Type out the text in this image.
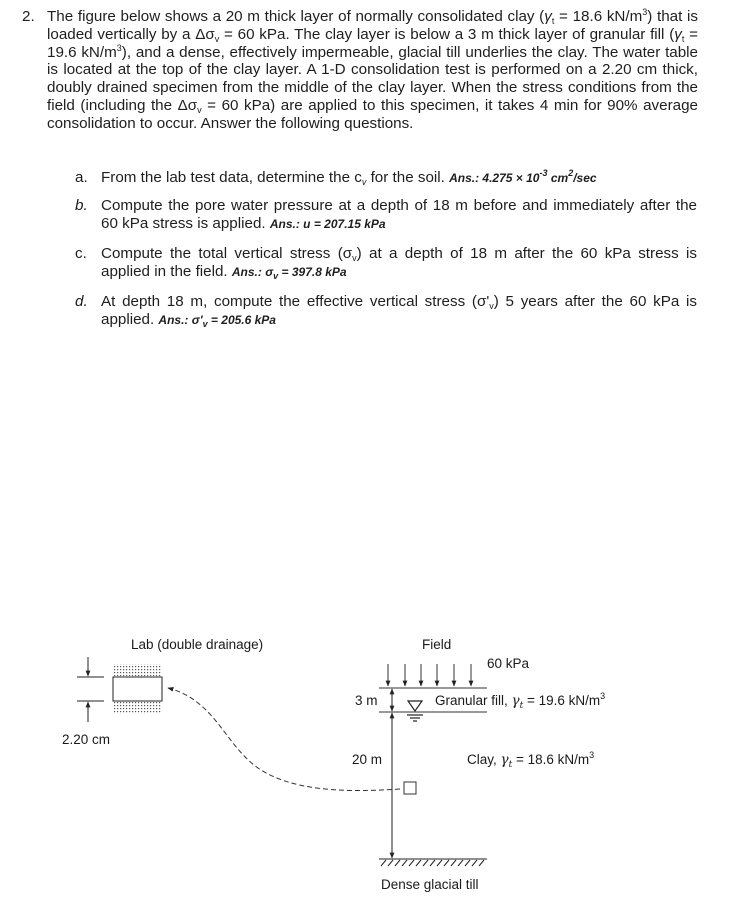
2. The figure below shows a 20 m thick layer of normally consolidated clay ($\gamma_t = 18.6$ $kN/m^3$) that is loaded vertically by a $\Delta\sigma_v = 60$ kPa. The clay layer is below a 3 m thick layer of granular fill ($\gamma_t = 19.6$ $kN/m^3$), and a dense, effectively impermeable, glacial till underlies the clay. The water table is located at the top of the clay layer. A 1-D consolidation test is performed on a 2.20 cm thick, doubly drained specimen from the middle of the clay layer. When the stress conditions from the field (including the $\Delta\sigma_v = 60$ kPa) are applied to this specimen, it takes 4 min for 90% average consolidation to occur. Answer the following questions.
a. From the lab test data, determine the $c_v$ for the soil. Ans.: $4.275 \times 10^{-3}$ $cm^2/\sec$
b. Compute the pore water pressure at a depth of 18 m before and immediately after the 60 kPa stress is applied. Ans.: u = 207.15 kPa
c. Compute the total vertical stress $(\sigma_v)$ at a depth of 18 m after the 60 kPa stress is applied in the field. Ans.: $\sigma_v = 397.8$ kPa
d. At depth 18 m, compute the effective vertical stress $(\sigma'_v)$ 5 years after the 60 kPa is applied. Ans.: $\sigma'_v = 205.6$ kPa
Lab (double drainage)
2.20 cm
Field
60 kPa
3 m
20 m
Granular fill, $\gamma_t = 19.6$ $kN/m^3$
Clay, $\gamma_t = 18.6$ $kN/m^3$
Dense glacial till
